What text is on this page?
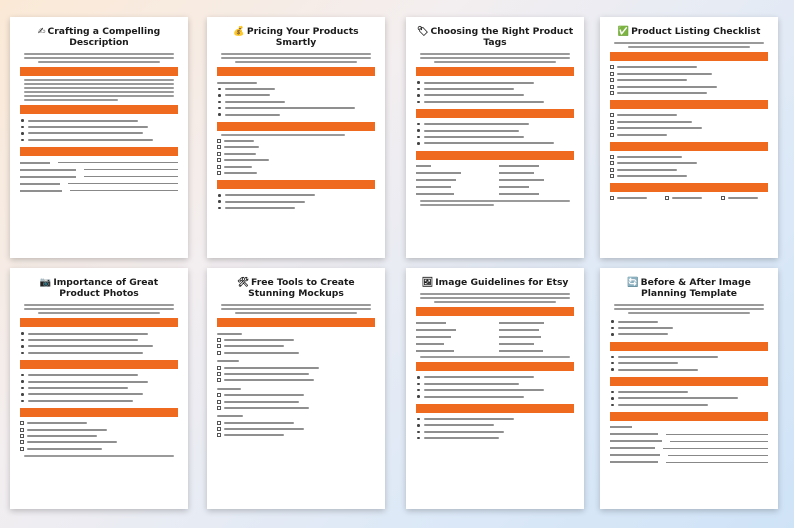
✍ Crafting a Compelling Description
💰 Pricing Your Products Smartly
🏷 Choosing the Right Product Tags
✅ Product Listing Checklist
📷 Importance of Great Product Photos
🛠 Free Tools to Create Stunning Mockups
🖼 Image Guidelines for Etsy	🔄 Before & After Image Planning Template
